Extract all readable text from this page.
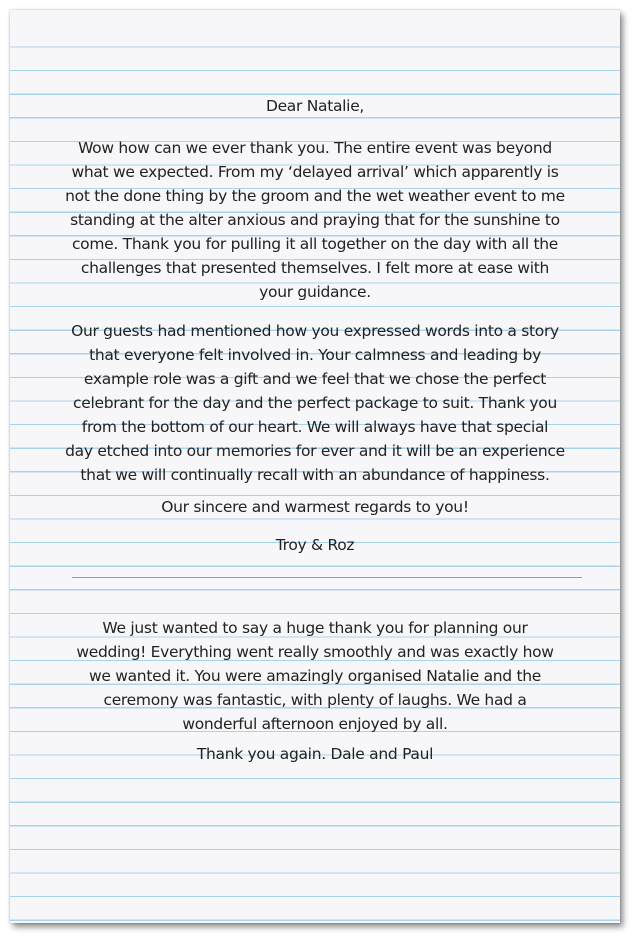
Dear Natalie,
Wow how can we ever thank you. The entire event was beyond
what we expected. From my ‘delayed arrival’ which apparently is
not the done thing by the groom and the wet weather event to me
standing at the alter anxious and praying that for the sunshine to
come. Thank you for pulling it all together on the day with all the
challenges that presented themselves. I felt more at ease with
your guidance.
Our guests had mentioned how you expressed words into a story
that everyone felt involved in. Your calmness and leading by
example role was a gift and we feel that we chose the perfect
celebrant for the day and the perfect package to suit. Thank you
from the bottom of our heart. We will always have that special
day etched into our memories for ever and it will be an experience
that we will continually recall with an abundance of happiness.
Our sincere and warmest regards to you!
Troy & Roz
We just wanted to say a huge thank you for planning our
wedding! Everything went really smoothly and was exactly how
we wanted it. You were amazingly organised Natalie and the
ceremony was fantastic, with plenty of laughs. We had a
wonderful afternoon enjoyed by all.
Thank you again. Dale and Paul
